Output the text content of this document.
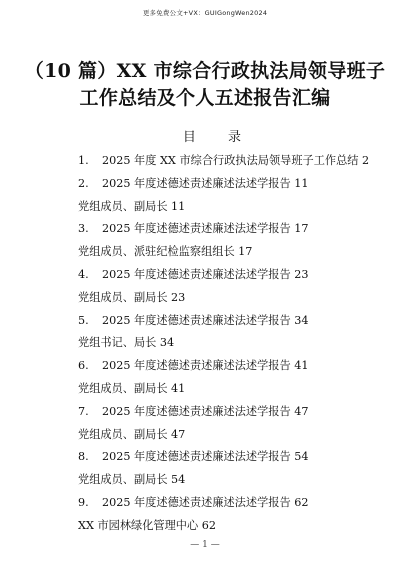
更多免费公文+VX：GUIGongWen2024
（10 篇）XX 市综合行政执法局领导班子
工作总结及个人五述报告汇编
目 录
1. 2025 年度 XX 市综合行政执法局领导班子工作总结 2
2. 2025 年度述德述责述廉述法述学报告 11
党组成员、副局长 11
3. 2025 年度述德述责述廉述法述学报告 17
党组成员、派驻纪检监察组组长 17
4. 2025 年度述德述责述廉述法述学报告 23
党组成员、副局长 23
5. 2025 年度述德述责述廉述法述学报告 34
党组书记、局长 34
6. 2025 年度述德述责述廉述法述学报告 41
党组成员、副局长 41
7. 2025 年度述德述责述廉述法述学报告 47
党组成员、副局长 47
8. 2025 年度述德述责述廉述法述学报告 54
党组成员、副局长 54
9. 2025 年度述德述责述廉述法述学报告 62
XX 市园林绿化管理中心 62
— 1 —
